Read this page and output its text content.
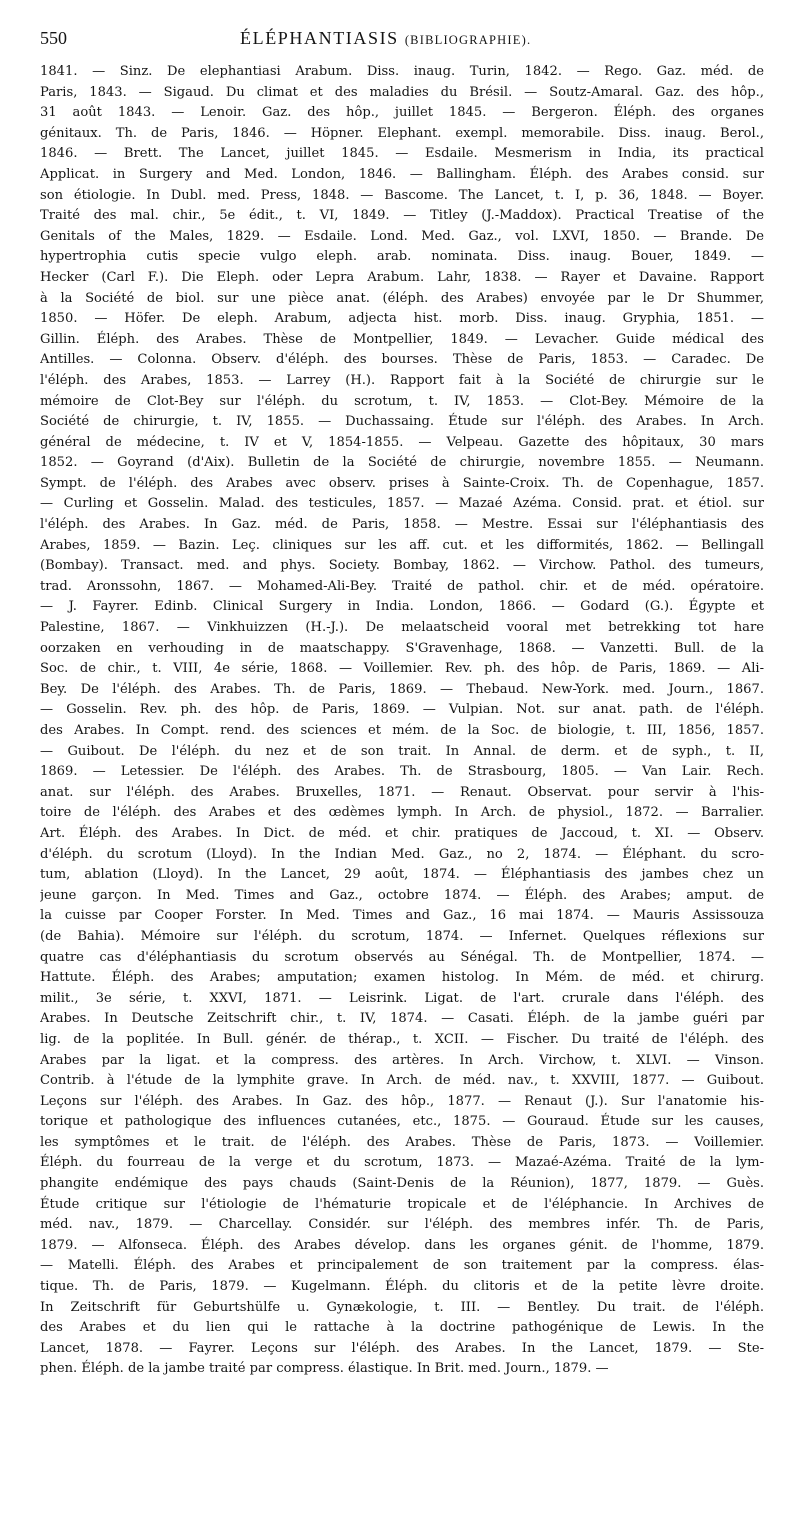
550	ÉLÉPHANTIASIS (BIBLIOGRAPHIE).
1841. — Sinz. De elephantiasi Arabum. Diss. inaug. Turin, 1842. — Rego. Gaz. méd. de
Paris, 1843. — Sigaud. Du climat et des maladies du Brésil. — Soutz-Amaral. Gaz. des hôp.,
31 août 1843. — Lenoir. Gaz. des hôp., juillet 1845. — Bergeron. Éléph. des organes
génitaux. Th. de Paris, 1846. — Höpner. Elephant. exempl. memorabile. Diss. inaug. Berol.,
1846. — Brett. The Lancet, juillet 1845. — Esdaile. Mesmerism in India, its practical
Applicat. in Surgery and Med. London, 1846. — Ballingham. Éléph. des Arabes consid. sur
son étiologie. In Dubl. med. Press, 1848. — Bascome. The Lancet, t. I, p. 36, 1848. — Boyer.
Traité des mal. chir., 5e édit., t. VI, 1849. — Titley (J.-Maddox). Practical Treatise of the
Genitals of the Males, 1829. — Esdaile. Lond. Med. Gaz., vol. LXVI, 1850. — Brande. De
hypertrophia cutis specie vulgo eleph. arab. nominata. Diss. inaug. Bouer, 1849. —
Hecker (Carl F.). Die Eleph. oder Lepra Arabum. Lahr, 1838. — Rayer et Davaine. Rapport
à la Société de biol. sur une pièce anat. (éléph. des Arabes) envoyée par le Dr Shummer,
1850. — Höfer. De eleph. Arabum, adjecta hist. morb. Diss. inaug. Gryphia, 1851. —
Gillin. Éléph. des Arabes. Thèse de Montpellier, 1849. — Levacher. Guide médical des
Antilles. — Colonna. Observ. d'éléph. des bourses. Thèse de Paris, 1853. — Caradec. De
l'éléph. des Arabes, 1853. — Larrey (H.). Rapport fait à la Société de chirurgie sur le
mémoire de Clot-Bey sur l'éléph. du scrotum, t. IV, 1853. — Clot-Bey. Mémoire de la
Société de chirurgie, t. IV, 1855. — Duchassaing. Étude sur l'éléph. des Arabes. In Arch.
général de médecine, t. IV et V, 1854-1855. — Velpeau. Gazette des hôpitaux, 30 mars
1852. — Goyrand (d'Aix). Bulletin de la Société de chirurgie, novembre 1855. — Neumann.
Sympt. de l'éléph. des Arabes avec observ. prises à Sainte-Croix. Th. de Copenhague, 1857.
— Curling et Gosselin. Malad. des testicules, 1857. — Mazaé Azéma. Consid. prat. et étiol. sur
l'éléph. des Arabes. In Gaz. méd. de Paris, 1858. — Mestre. Essai sur l'éléphantiasis des
Arabes, 1859. — Bazin. Leç. cliniques sur les aff. cut. et les difformités, 1862. — Bellingall
(Bombay). Transact. med. and phys. Society. Bombay, 1862. — Virchow. Pathol. des tumeurs,
trad. Aronssohn, 1867. — Mohamed-Ali-Bey. Traité de pathol. chir. et de méd. opératoire.
— J. Fayrer. Edinb. Clinical Surgery in India. London, 1866. — Godard (G.). Égypte et
Palestine, 1867. — Vinkhuizzen (H.-J.). De melaatscheid vooral met betrekking tot hare
oorzaken en verhouding in de maatschappy. S'Gravenhage, 1868. — Vanzetti. Bull. de la
Soc. de chir., t. VIII, 4e série, 1868. — Voillemier. Rev. ph. des hôp. de Paris, 1869. — Ali-
Bey. De l'éléph. des Arabes. Th. de Paris, 1869. — Thebaud. New-York. med. Journ., 1867.
— Gosselin. Rev. ph. des hôp. de Paris, 1869. — Vulpian. Not. sur anat. path. de l'éléph.
des Arabes. In Compt. rend. des sciences et mém. de la Soc. de biologie, t. III, 1856, 1857.
— Guibout. De l'éléph. du nez et de son trait. In Annal. de derm. et de syph., t. II,
1869. — Letessier. De l'éléph. des Arabes. Th. de Strasbourg, 1805. — Van Lair. Rech.
anat. sur l'éléph. des Arabes. Bruxelles, 1871. — Renaut. Observat. pour servir à l'his-
toire de l'éléph. des Arabes et des œdèmes lymph. In Arch. de physiol., 1872. — Barralier.
Art. Éléph. des Arabes. In Dict. de méd. et chir. pratiques de Jaccoud, t. XI. — Observ.
d'éléph. du scrotum (Lloyd). In the Indian Med. Gaz., no 2, 1874. — Éléphant. du scro-
tum, ablation (Lloyd). In the Lancet, 29 août, 1874. — Éléphantiasis des jambes chez un
jeune garçon. In Med. Times and Gaz., octobre 1874. — Éléph. des Arabes; amput. de
la cuisse par Cooper Forster. In Med. Times and Gaz., 16 mai 1874. — Mauris Assissouza
(de Bahia). Mémoire sur l'éléph. du scrotum, 1874. — Infernet. Quelques réflexions sur
quatre cas d'éléphantiasis du scrotum observés au Sénégal. Th. de Montpellier, 1874. —
Hattute. Éléph. des Arabes; amputation; examen histolog. In Mém. de méd. et chirurg.
milit., 3e série, t. XXVI, 1871. — Leisrink. Ligat. de l'art. crurale dans l'éléph. des
Arabes. In Deutsche Zeitschrift chir., t. IV, 1874. — Casati. Éléph. de la jambe guéri par
lig. de la poplitée. In Bull. génér. de thérap., t. XCII. — Fischer. Du traité de l'éléph. des
Arabes par la ligat. et la compress. des artères. In Arch. Virchow, t. XLVI. — Vinson.
Contrib. à l'étude de la lymphite grave. In Arch. de méd. nav., t. XXVIII, 1877. — Guibout.
Leçons sur l'éléph. des Arabes. In Gaz. des hôp., 1877. — Renaut (J.). Sur l'anatomie his-
torique et pathologique des influences cutanées, etc., 1875. — Gouraud. Étude sur les causes,
les symptômes et le trait. de l'éléph. des Arabes. Thèse de Paris, 1873. — Voillemier.
Éléph. du fourreau de la verge et du scrotum, 1873. — Mazaé-Azéma. Traité de la lym-
phangite endémique des pays chauds (Saint-Denis de la Réunion), 1877, 1879. — Guès.
Étude critique sur l'étiologie de l'hématurie tropicale et de l'éléphancie. In Archives de
méd. nav., 1879. — Charcellay. Considér. sur l'éléph. des membres infér. Th. de Paris,
1879. — Alfonseca. Éléph. des Arabes dévelop. dans les organes génit. de l'homme, 1879.
— Matelli. Éléph. des Arabes et principalement de son traitement par la compress. élas-
tique. Th. de Paris, 1879. — Kugelmann. Éléph. du clitoris et de la petite lèvre droite.
In Zeitschrift für Geburtshülfe u. Gynækologie, t. III. — Bentley. Du trait. de l'éléph.
des Arabes et du lien qui le rattache à la doctrine pathogénique de Lewis. In the
Lancet, 1878. — Fayrer. Leçons sur l'éléph. des Arabes. In the Lancet, 1879. — Ste-
phen. Éléph. de la jambe traité par compress. élastique. In Brit. med. Journ., 1879. —
